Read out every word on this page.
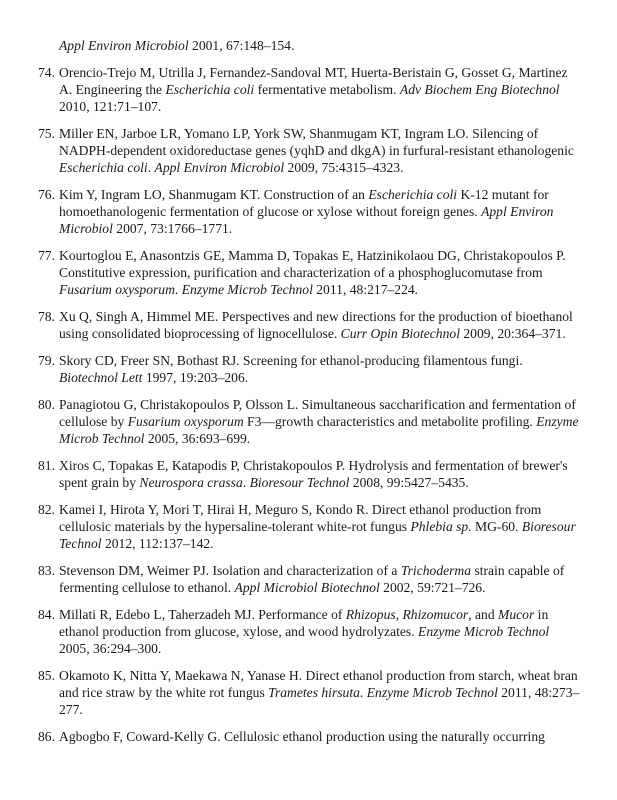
Appl Environ Microbiol 2001, 67:148–154.
74. Orencio-Trejo M, Utrilla J, Fernandez-Sandoval MT, Huerta-Beristain G, Gosset G, Martinez A. Engineering the Escherichia coli fermentative metabolism. Adv Biochem Eng Biotechnol 2010, 121:71–107.
75. Miller EN, Jarboe LR, Yomano LP, York SW, Shanmugam KT, Ingram LO. Silencing of NADPH-dependent oxidoreductase genes (yqhD and dkgA) in furfural-resistant ethanologenic Escherichia coli. Appl Environ Microbiol 2009, 75:4315–4323.
76. Kim Y, Ingram LO, Shanmugam KT. Construction of an Escherichia coli K-12 mutant for homoethanologenic fermentation of glucose or xylose without foreign genes. Appl Environ Microbiol 2007, 73:1766–1771.
77. Kourtoglou E, Anasontzis GE, Mamma D, Topakas E, Hatzinikolaou DG, Christakopoulos P. Constitutive expression, purification and characterization of a phosphoglucomutase from Fusarium oxysporum. Enzyme Microb Technol 2011, 48:217–224.
78. Xu Q, Singh A, Himmel ME. Perspectives and new directions for the production of bioethanol using consolidated bioprocessing of lignocellulose. Curr Opin Biotechnol 2009, 20:364–371.
79. Skory CD, Freer SN, Bothast RJ. Screening for ethanol-producing filamentous fungi. Biotechnol Lett 1997, 19:203–206.
80. Panagiotou G, Christakopoulos P, Olsson L. Simultaneous saccharification and fermentation of cellulose by Fusarium oxysporum F3—growth characteristics and metabolite profiling. Enzyme Microb Technol 2005, 36:693–699.
81. Xiros C, Topakas E, Katapodis P, Christakopoulos P. Hydrolysis and fermentation of brewer's spent grain by Neurospora crassa. Bioresour Technol 2008, 99:5427–5435.
82. Kamei I, Hirota Y, Mori T, Hirai H, Meguro S, Kondo R. Direct ethanol production from cellulosic materials by the hypersaline-tolerant white-rot fungus Phlebia sp. MG-60. Bioresour Technol 2012, 112:137–142.
83. Stevenson DM, Weimer PJ. Isolation and characterization of a Trichoderma strain capable of fermenting cellulose to ethanol. Appl Microbiol Biotechnol 2002, 59:721–726.
84. Millati R, Edebo L, Taherzadeh MJ. Performance of Rhizopus, Rhizomucor, and Mucor in ethanol production from glucose, xylose, and wood hydrolyzates. Enzyme Microb Technol 2005, 36:294–300.
85. Okamoto K, Nitta Y, Maekawa N, Yanase H. Direct ethanol production from starch, wheat bran and rice straw by the white rot fungus Trametes hirsuta. Enzyme Microb Technol 2011, 48:273–277.
86. Agbogbo F, Coward-Kelly G. Cellulosic ethanol production using the naturally occurring
